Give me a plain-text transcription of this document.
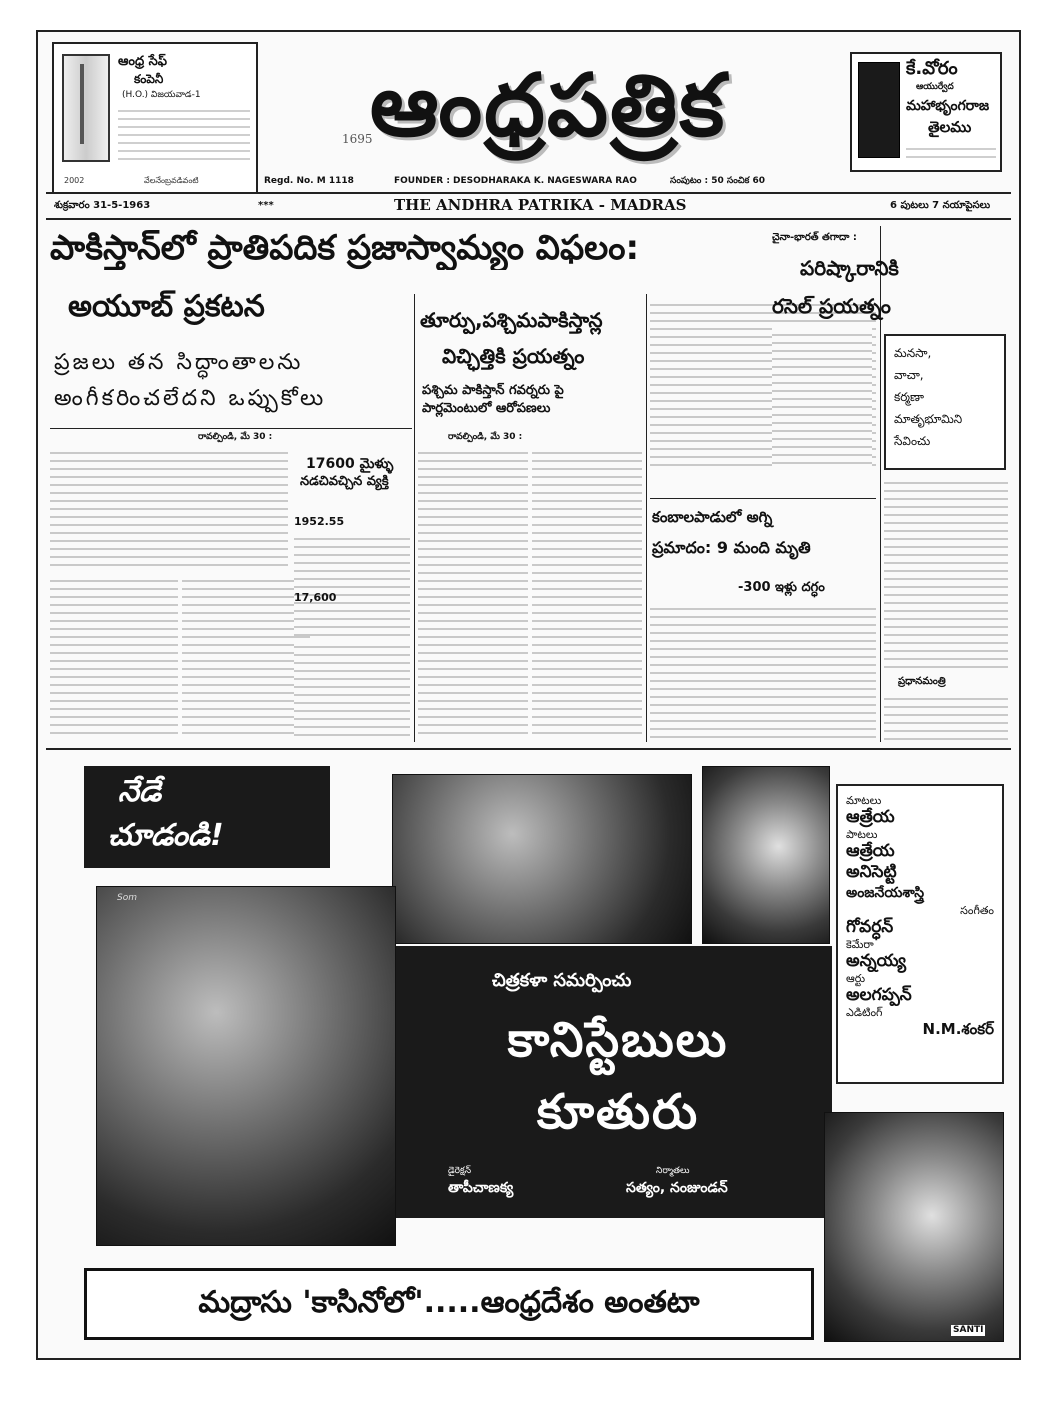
ఆంధ్ర సేఫ్
కంపెనీ
(H.O.) విజయవాడ-1
2002	వేలనేంబ్రవడివంటి
ఆంధ్రపత్రిక
1695
Regd. No. M 1118	FOUNDER : DESODHARAKA K. NAGESWARA RAO	సంపుటం : 50 సంచిక 60
కే.వోరం
ఆయుర్వేద
మహాభృంగరాజ
తైలము
శుక్రవారం 31-5-1963	***	THE ANDHRA PATRIKA - MADRAS	6 పుటలు 7 నయాపైసలు
పాకిస్తాన్‌లో ప్రాతిపదిక ప్రజాస్వామ్యం విఫలం:
అయూబ్ ప్రకటన
ప్రజలు తన సిద్ధాంతాలను
అంగీకరించలేదని ఒప్పుకోలు
రావల్పిండి, మే 30 :
17600 మైళ్ళు
నడచివచ్చిన వ్యక్తి
1952.55
17,600
తూర్పు,పశ్చిమపాకిస్తాన్ల
విచ్ఛిత్తికి ప్రయత్నం
పశ్చిమ పాకిస్తాన్ గవర్నరు పై పార్లమెంటులో ఆరోపణలు
రావల్పిండి, మే 30 :
కంబాలపాడులో అగ్ని
ప్రమాదం: 9 మంది మృతి
-300 ఇళ్లు దగ్ధం
చైనా-భారత్ తగాదా :
పరిష్కారానికి
రసెల్ ప్రయత్నం
మనసా,
వాచా,
కర్మణా
మాతృభూమిని
సేవించు
ప్రధానమంత్రి
నేడే
చూడండి!
Som
చిత్రకళా సమర్పించు
కానిస్టేబులు
కూతురు
డైరెక్షన్
తాపీచాణక్య
నిర్మాతలు
సత్యం, నంజుండన్
మాటలు
ఆత్రేయ
పాటలు
ఆత్రేయ
అనిసెట్టి
అంజనేయశాస్త్రి
సంగీతం
గోవర్ధన్
కెమేరా
అన్నయ్య
ఆర్టు
అలగప్పన్
ఎడిటింగ్
N.M.శంకర్
SANTI
మద్రాసు 'కాసినోలో'.....ఆంధ్రదేశం అంతటా
